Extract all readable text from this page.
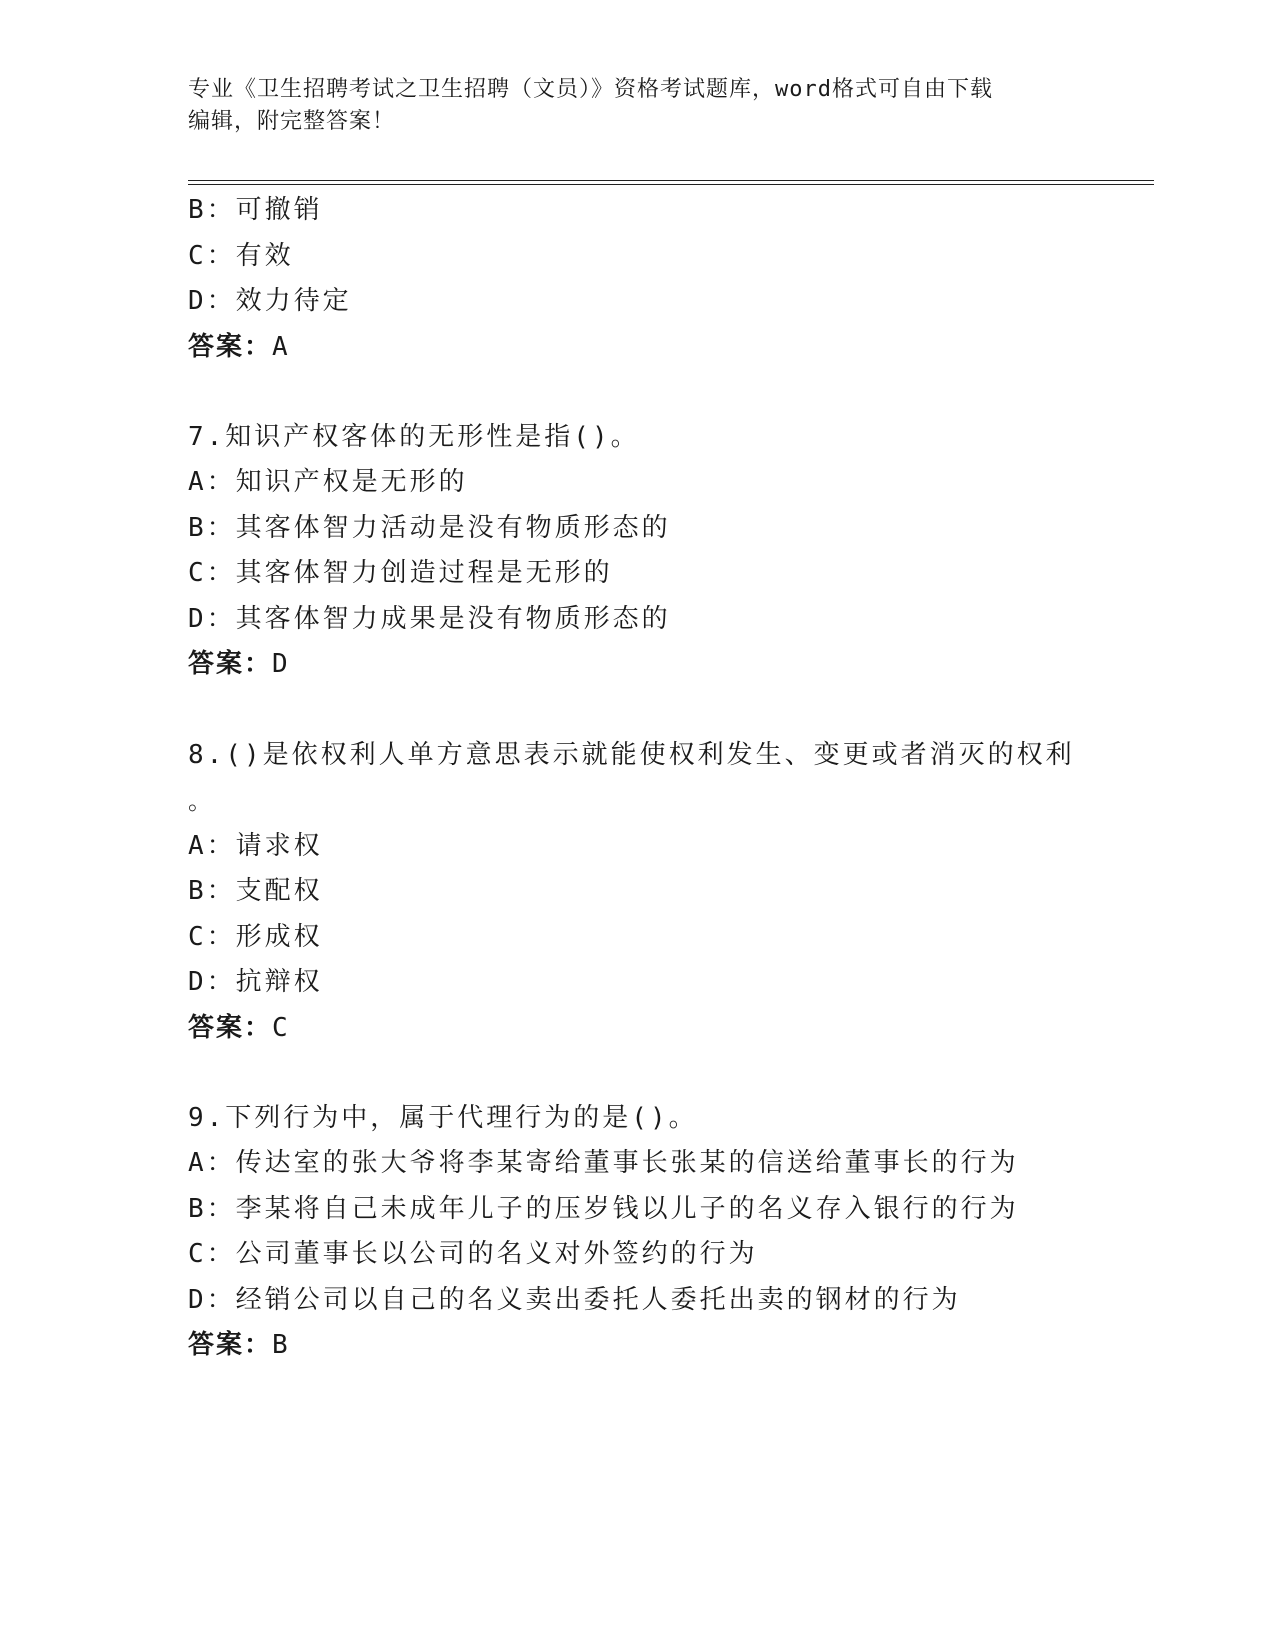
专业《卫生招聘考试之卫生招聘（文员）》资格考试题库，word格式可自由下载
编辑，附完整答案！
B：可撤销
C：有效
D：效力待定
答案：A
7.知识产权客体的无形性是指()。
A：知识产权是无形的
B：其客体智力活动是没有物质形态的
C：其客体智力创造过程是无形的
D：其客体智力成果是没有物质形态的
答案：D
8.()是依权利人单方意思表示就能使权利发生、变更或者消灭的权利
。
A：请求权
B：支配权
C：形成权
D：抗辩权
答案：C
9.下列行为中，属于代理行为的是()。
A：传达室的张大爷将李某寄给董事长张某的信送给董事长的行为
B：李某将自己未成年儿子的压岁钱以儿子的名义存入银行的行为
C：公司董事长以公司的名义对外签约的行为
D：经销公司以自己的名义卖出委托人委托出卖的钢材的行为
答案：B
